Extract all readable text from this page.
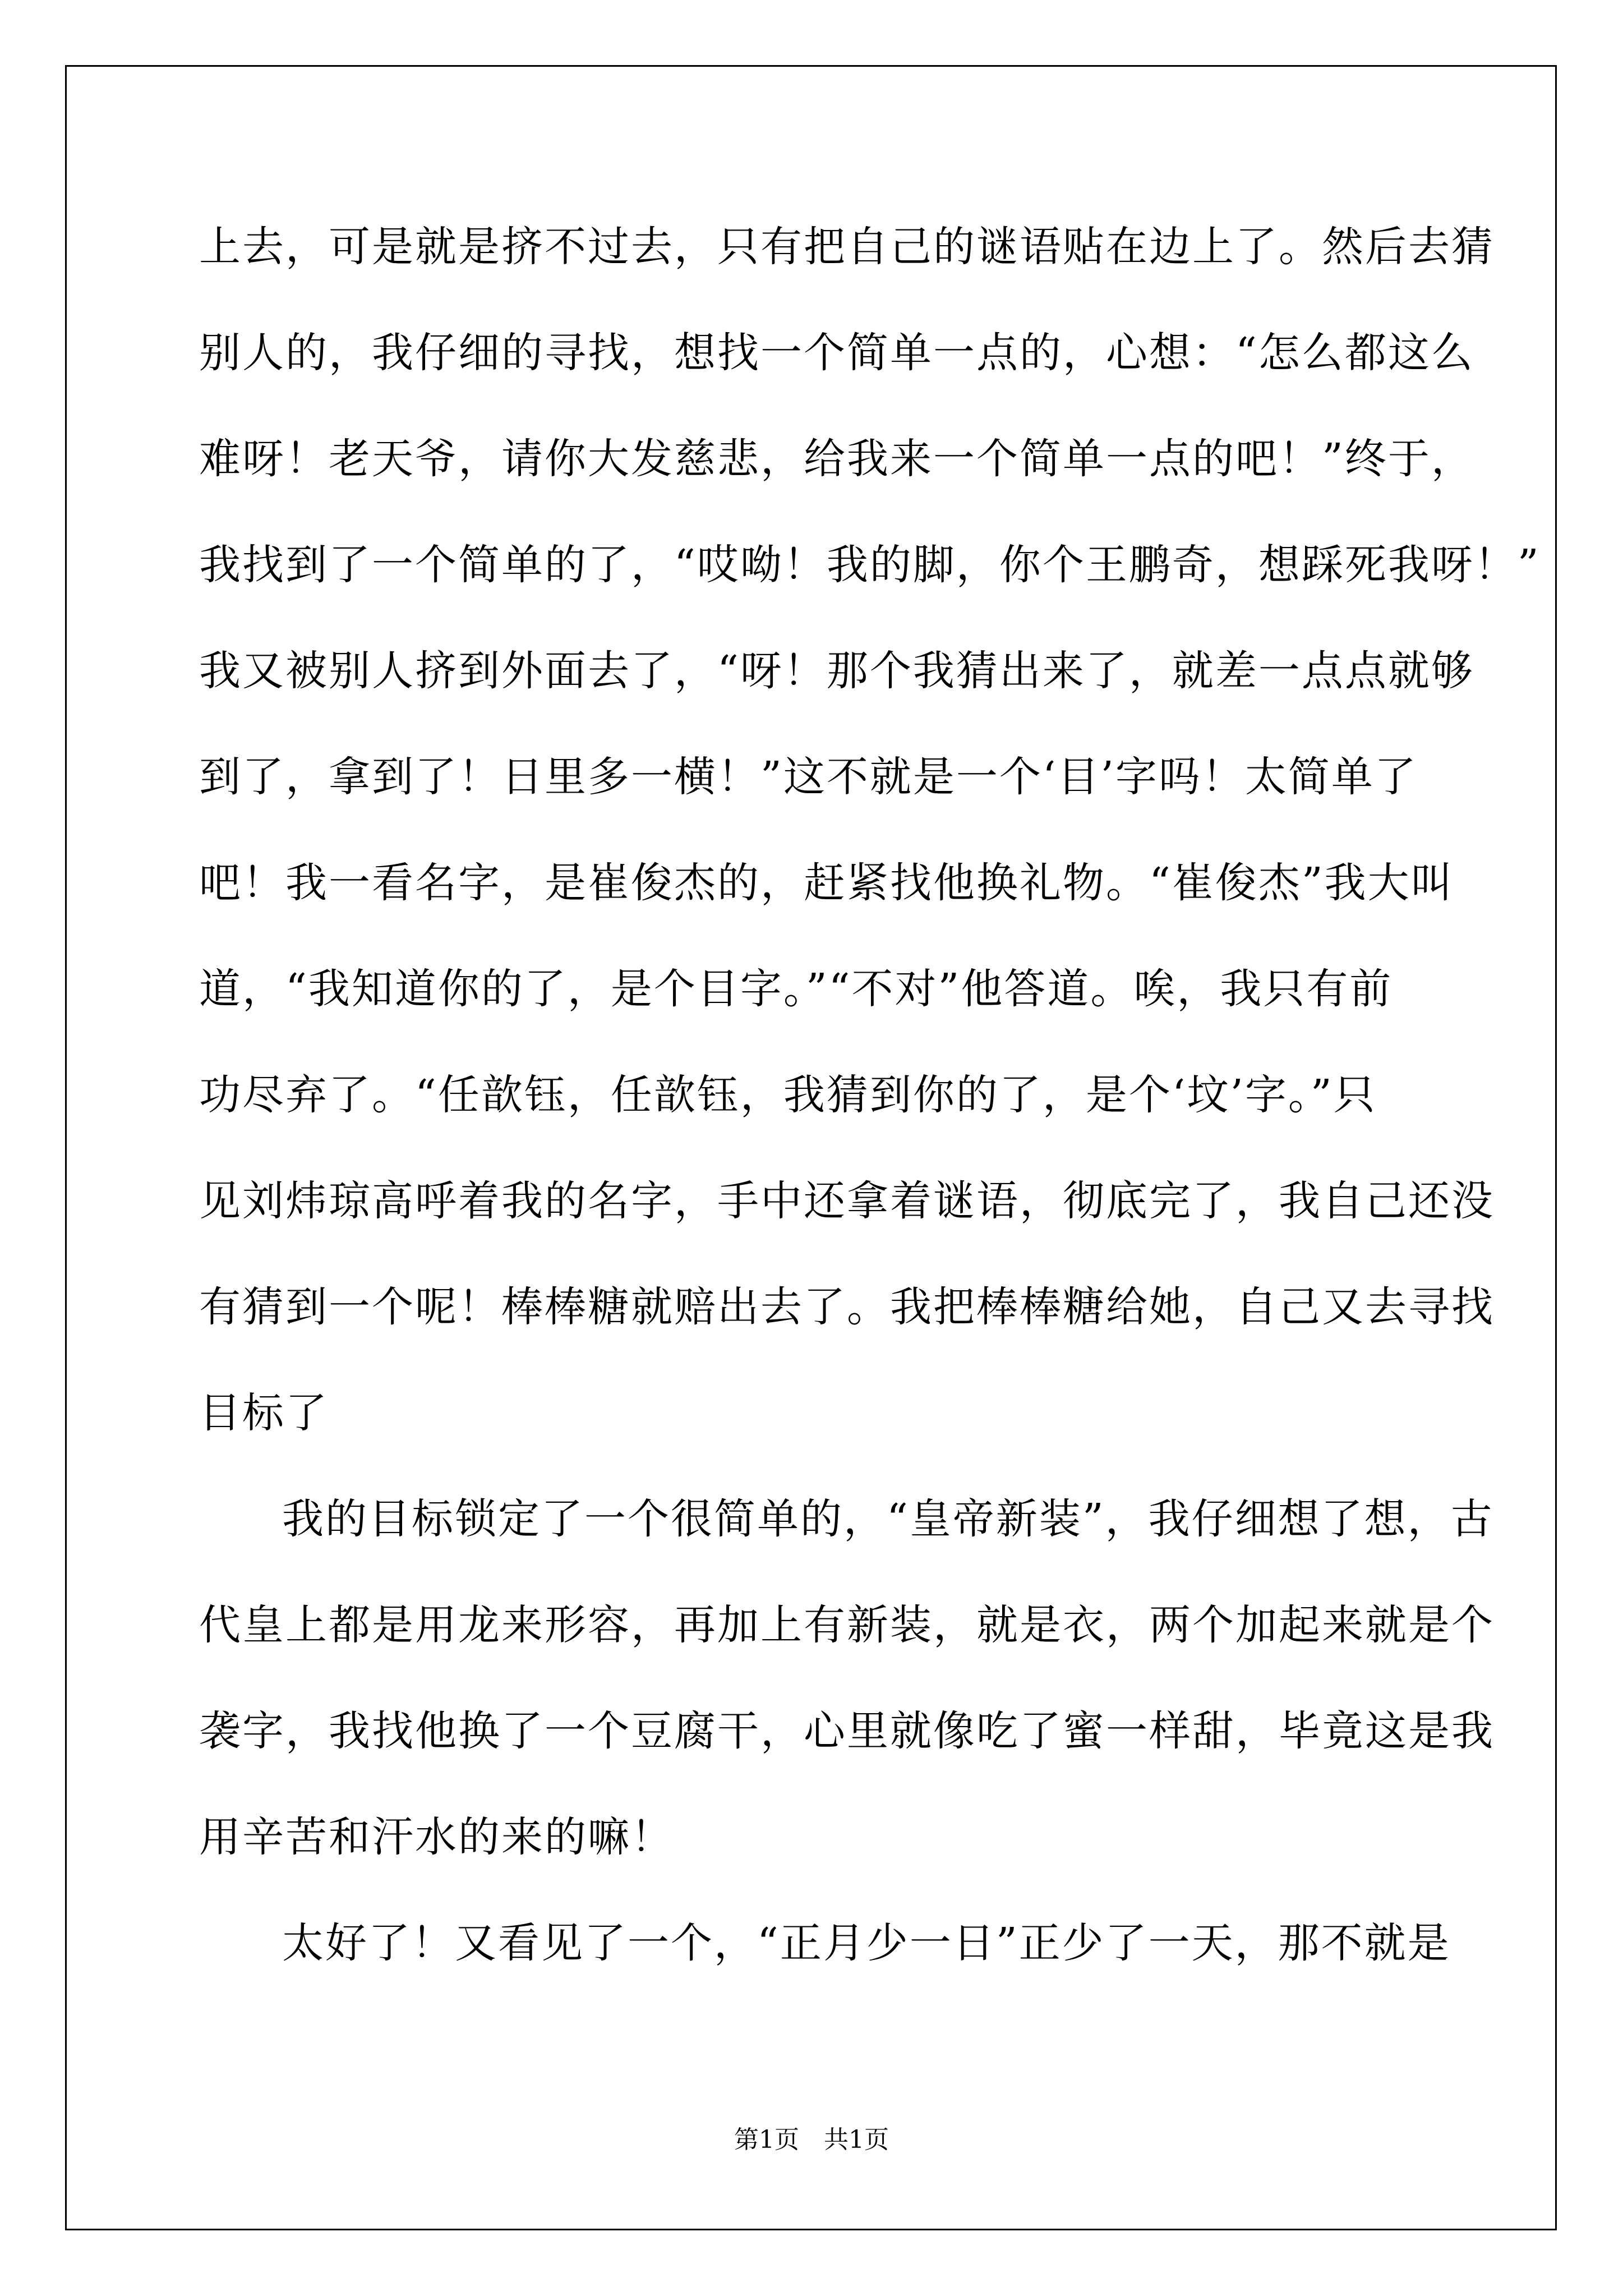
上去，可是就是挤不过去，只有把自己的谜语贴在边上了。然后去猜
别人的，我仔细的寻找，想找一个简单一点的，心想：“怎么都这么
难呀！老天爷，请你大发慈悲，给我来一个简单一点的吧！”终于，
我找到了一个简单的了，“哎呦！我的脚，你个王鹏奇，想踩死我呀！”
我又被别人挤到外面去了，“呀！那个我猜出来了，就差一点点就够
到了，拿到了！日里多一横！”这不就是一个‘目’字吗！太简单了
吧！我一看名字，是崔俊杰的，赶紧找他换礼物。“崔俊杰”我大叫
道，“我知道你的了，是个目字。”“不对”他答道。唉，我只有前
功尽弃了。“任歆钰，任歆钰，我猜到你的了，是个‘坟’字。”只
见刘炜琼高呼着我的名字，手中还拿着谜语，彻底完了，我自己还没
有猜到一个呢！棒棒糖就赔出去了。我把棒棒糖给她，自己又去寻找
目标了
我的目标锁定了一个很简单的，“皇帝新装”，我仔细想了想，古
代皇上都是用龙来形容，再加上有新装，就是衣，两个加起来就是个
袭字，我找他换了一个豆腐干，心里就像吃了蜜一样甜，毕竟这是我
用辛苦和汗水的来的嘛！
太好了！又看见了一个，“正月少一日”正少了一天，那不就是
第1页　共1页
